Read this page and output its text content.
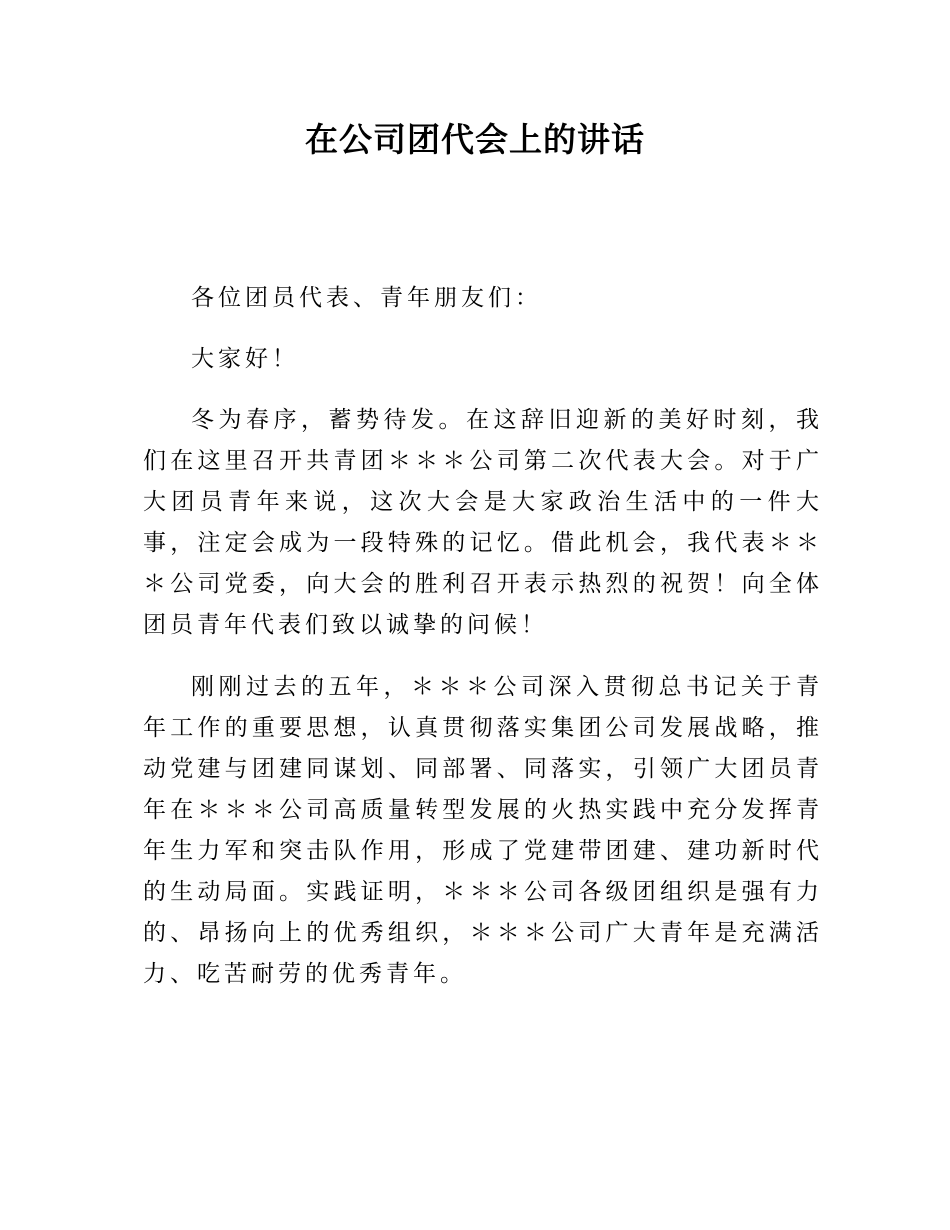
在公司团代会上的讲话

各位团员代表、青年朋友们：

大家好！

冬为春序，蓄势待发。在这辞旧迎新的美好时刻，我们在这里召开共青团＊＊＊公司第二次代表大会。对于广大团员青年来说，这次大会是大家政治生活中的一件大事，注定会成为一段特殊的记忆。借此机会，我代表＊＊＊公司党委，向大会的胜利召开表示热烈的祝贺！向全体团员青年代表们致以诚挚的问候！

刚刚过去的五年，＊＊＊公司深入贯彻总书记关于青年工作的重要思想，认真贯彻落实集团公司发展战略，推动党建与团建同谋划、同部署、同落实，引领广大团员青年在＊＊＊公司高质量转型发展的火热实践中充分发挥青年生力军和突击队作用，形成了党建带团建、建功新时代的生动局面。实践证明，＊＊＊公司各级团组织是强有力的、昂扬向上的优秀组织，＊＊＊公司广大青年是充满活力、吃苦耐劳的优秀青年。
